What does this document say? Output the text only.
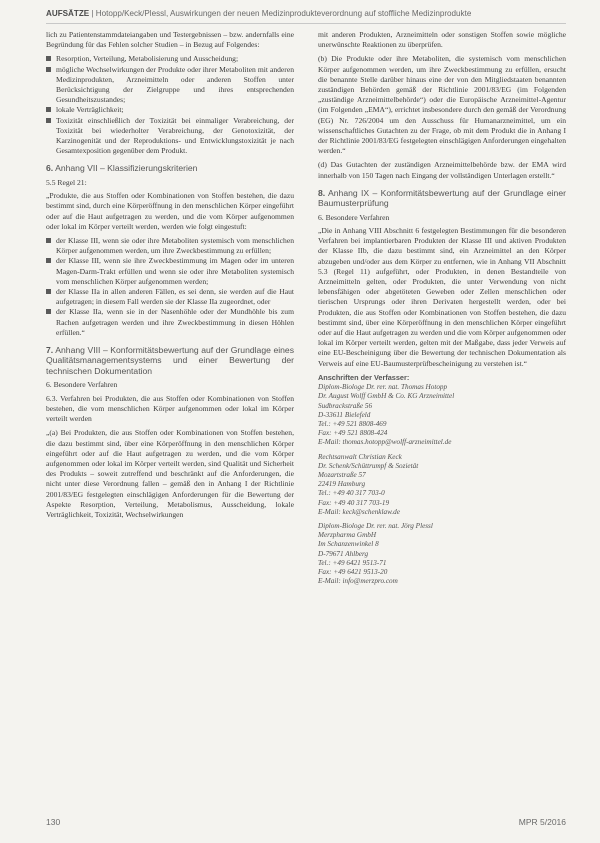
AUFSÄTZE | Hotopp/Keck/Plessl, Auswirkungen der neuen Medizinprodukteverordnung auf stoffliche Medizinprodukte

lich zu Patientenstammdateiangaben und Testergebnissen – bzw. andernfalls eine Begründung für das Fehlen solcher Studien – in Bezug auf Folgendes:

Resorption, Verteilung, Metabolisierung und Ausscheidung;
mögliche Wechselwirkungen der Produkte oder ihrer Metaboliten mit anderen Medizinprodukten, Arzneimitteln oder anderen Stoffen unter Berücksichtigung der Zielgruppe und ihres entsprechenden Gesundheitszustandes;
lokale Verträglichkeit;
Toxizität einschließlich der Toxizität bei einmaliger Verabreichung, der Toxizität bei wiederholter Verabreichung, der Genotoxizität, der Karzinogenität und der Reproduktions- und Entwicklungstoxizität je nach Gesamtexposition gegenüber dem Produkt.
6. Anhang VII – Klassifizierungskriterien

5.5 Regel 21:

„Produkte, die aus Stoffen oder Kombinationen von Stoffen bestehen, die dazu bestimmt sind, durch eine Körperöffnung in den menschlichen Körper eingeführt oder auf die Haut aufgetragen zu werden, und die vom Körper aufgenommen oder lokal im Körper verteilt werden, werden wie folgt eingestuft:

der Klasse III, wenn sie oder ihre Metaboliten systemisch vom menschlichen Körper aufgenommen werden, um ihre Zweckbestimmung zu erfüllen;
der Klasse III, wenn sie ihre Zweckbestimmung im Magen oder im unteren Magen-Darm-Trakt erfüllen und wenn sie oder ihre Metaboliten systemisch vom menschlichen Körper aufgenommen werden;
der Klasse IIa in allen anderen Fällen, es sei denn, sie werden auf die Haut aufgetragen; in diesem Fall werden sie der Klasse IIa zugeordnet, oder
der Klasse IIa, wenn sie in der Nasenhöhle oder der Mundhöhle bis zum Rachen aufgetragen werden und ihre Zweckbestimmung in diesen Höhlen erfüllen.“
7. Anhang VIII – Konformitätsbewertung auf der Grundlage eines Qualitätsmanagementsystems und einer Bewertung der technischen Dokumentation

6. Besondere Verfahren

6.3. Verfahren bei Produkten, die aus Stoffen oder Kombinationen von Stoffen bestehen, die vom menschlichen Körper aufgenommen oder lokal im Körper verteilt werden

„(a) Bei Produkten, die aus Stoffen oder Kombinationen von Stoffen bestehen, die dazu bestimmt sind, über eine Körperöffnung in den menschlichen Körper eingeführt oder auf die Haut aufgetragen zu werden, und die vom Körper aufgenommen oder lokal im Körper verteilt werden, sind Qualität und Sicherheit des Produkts – soweit zutreffend und beschränkt auf die Anforderungen, die nicht unter diese Verordnung fallen – gemäß den in Anhang I der Richtlinie 2001/83/EG festgelegten einschlägigen Anforderungen für die Bewertung der Aspekte Resorption, Verteilung, Metabolismus, Ausscheidung, lokale Verträglichkeit, Toxizität, Wechselwirkungen

mit anderen Produkten, Arzneimitteln oder sonstigen Stoffen sowie mögliche unerwünschte Reaktionen zu überprüfen.

(b) Die Produkte oder ihre Metaboliten, die systemisch vom menschlichen Körper aufgenommen werden, um ihre Zweckbestimmung zu erfüllen, ersucht die benannte Stelle darüber hinaus eine der von den Mitgliedstaaten benannten zuständigen Behörden gemäß der Richtlinie 2001/83/EG (im Folgenden „zuständige Arzneimittelbehörde“) oder die Europäische Arzneimittel-Agentur (im Folgenden „EMA“), errichtet insbesondere durch den gemäß der Verordnung (EG) Nr. 726/2004 um den Ausschuss für Humanarzneimittel, um ein wissenschaftliches Gutachten zu der Frage, ob mit dem Produkt die in Anhang I der Richtlinie 2001/83/EG festgelegten einschlägigen Anforderungen eingehalten werden.“

(d) Das Gutachten der zuständigen Arzneimittelbehörde bzw. der EMA wird innerhalb von 150 Tagen nach Eingang der vollständigen Unterlagen erstellt.“

8. Anhang IX – Konformitätsbewertung auf der Grundlage einer Baumusterprüfung

6. Besondere Verfahren

„Die in Anhang VIII Abschnitt 6 festgelegten Bestimmungen für die besonderen Verfahren bei implantierbaren Produkten der Klasse III und aktiven Produkten der Klasse IIb, die dazu bestimmt sind, ein Arzneimittel an den Körper abzugeben und/oder aus dem Körper zu entfernen, wie in Anhang VII Abschnitt 5.3 (Regel 11) aufgeführt, oder Produkten, in denen Bestandteile von Arzneimitteln gelten, oder Produkten, die unter Verwendung von nicht lebensfähigen oder abgetöteten Geweben oder Zellen menschlichen oder tierischen Ursprungs oder ihren Derivaten hergestellt werden, oder bei Produkten, die aus Stoffen oder Kombinationen von Stoffen bestehen, die dazu bestimmt sind, über eine Körperöffnung in den menschlichen Körper eingeführt oder auf die Haut aufgetragen zu werden und die vom Körper aufgenommen oder lokal im Körper verteilt werden, gelten mit der Maßgabe, dass jeder Verweis auf eine EU-Bescheinigung über die Bewertung der technischen Dokumentation als Verweis auf eine EU-Baumusterprüfbescheinigung zu verstehen ist.“

Anschriften der Verfasser:
Diplom-Biologe Dr. rer. nat. Thomas Hotopp
Dr. August Wolff GmbH & Co. KG Arzneimittel
Sudbrackstraße 56
D-33611 Bielefeld
Tel.: +49 521 8808-469
Fax: +49 521 8808-424
E-Mail: thomas.hotopp@wolff-arzneimittel.de
Rechtsanwalt Christian Keck
Dr. Schenk/Schüttrumpf & Sozietät
Mozartstraße 57
22419 Hamburg
Tel.: +49 40 317 703-0
Fax: +49 40 317 703-19
E-Mail: keck@schenklaw.de
Diplom-Biologe Dr. rer. nat. Jörg Plessl
Merzpharma GmbH
Im Schanzenwinkel 8
D-79671 Ahlberg
Tel.: +49 6421 9513-71
Fax: +49 6421 9513-20
E-Mail: info@merzpro.com
130	MPR 5/2016
